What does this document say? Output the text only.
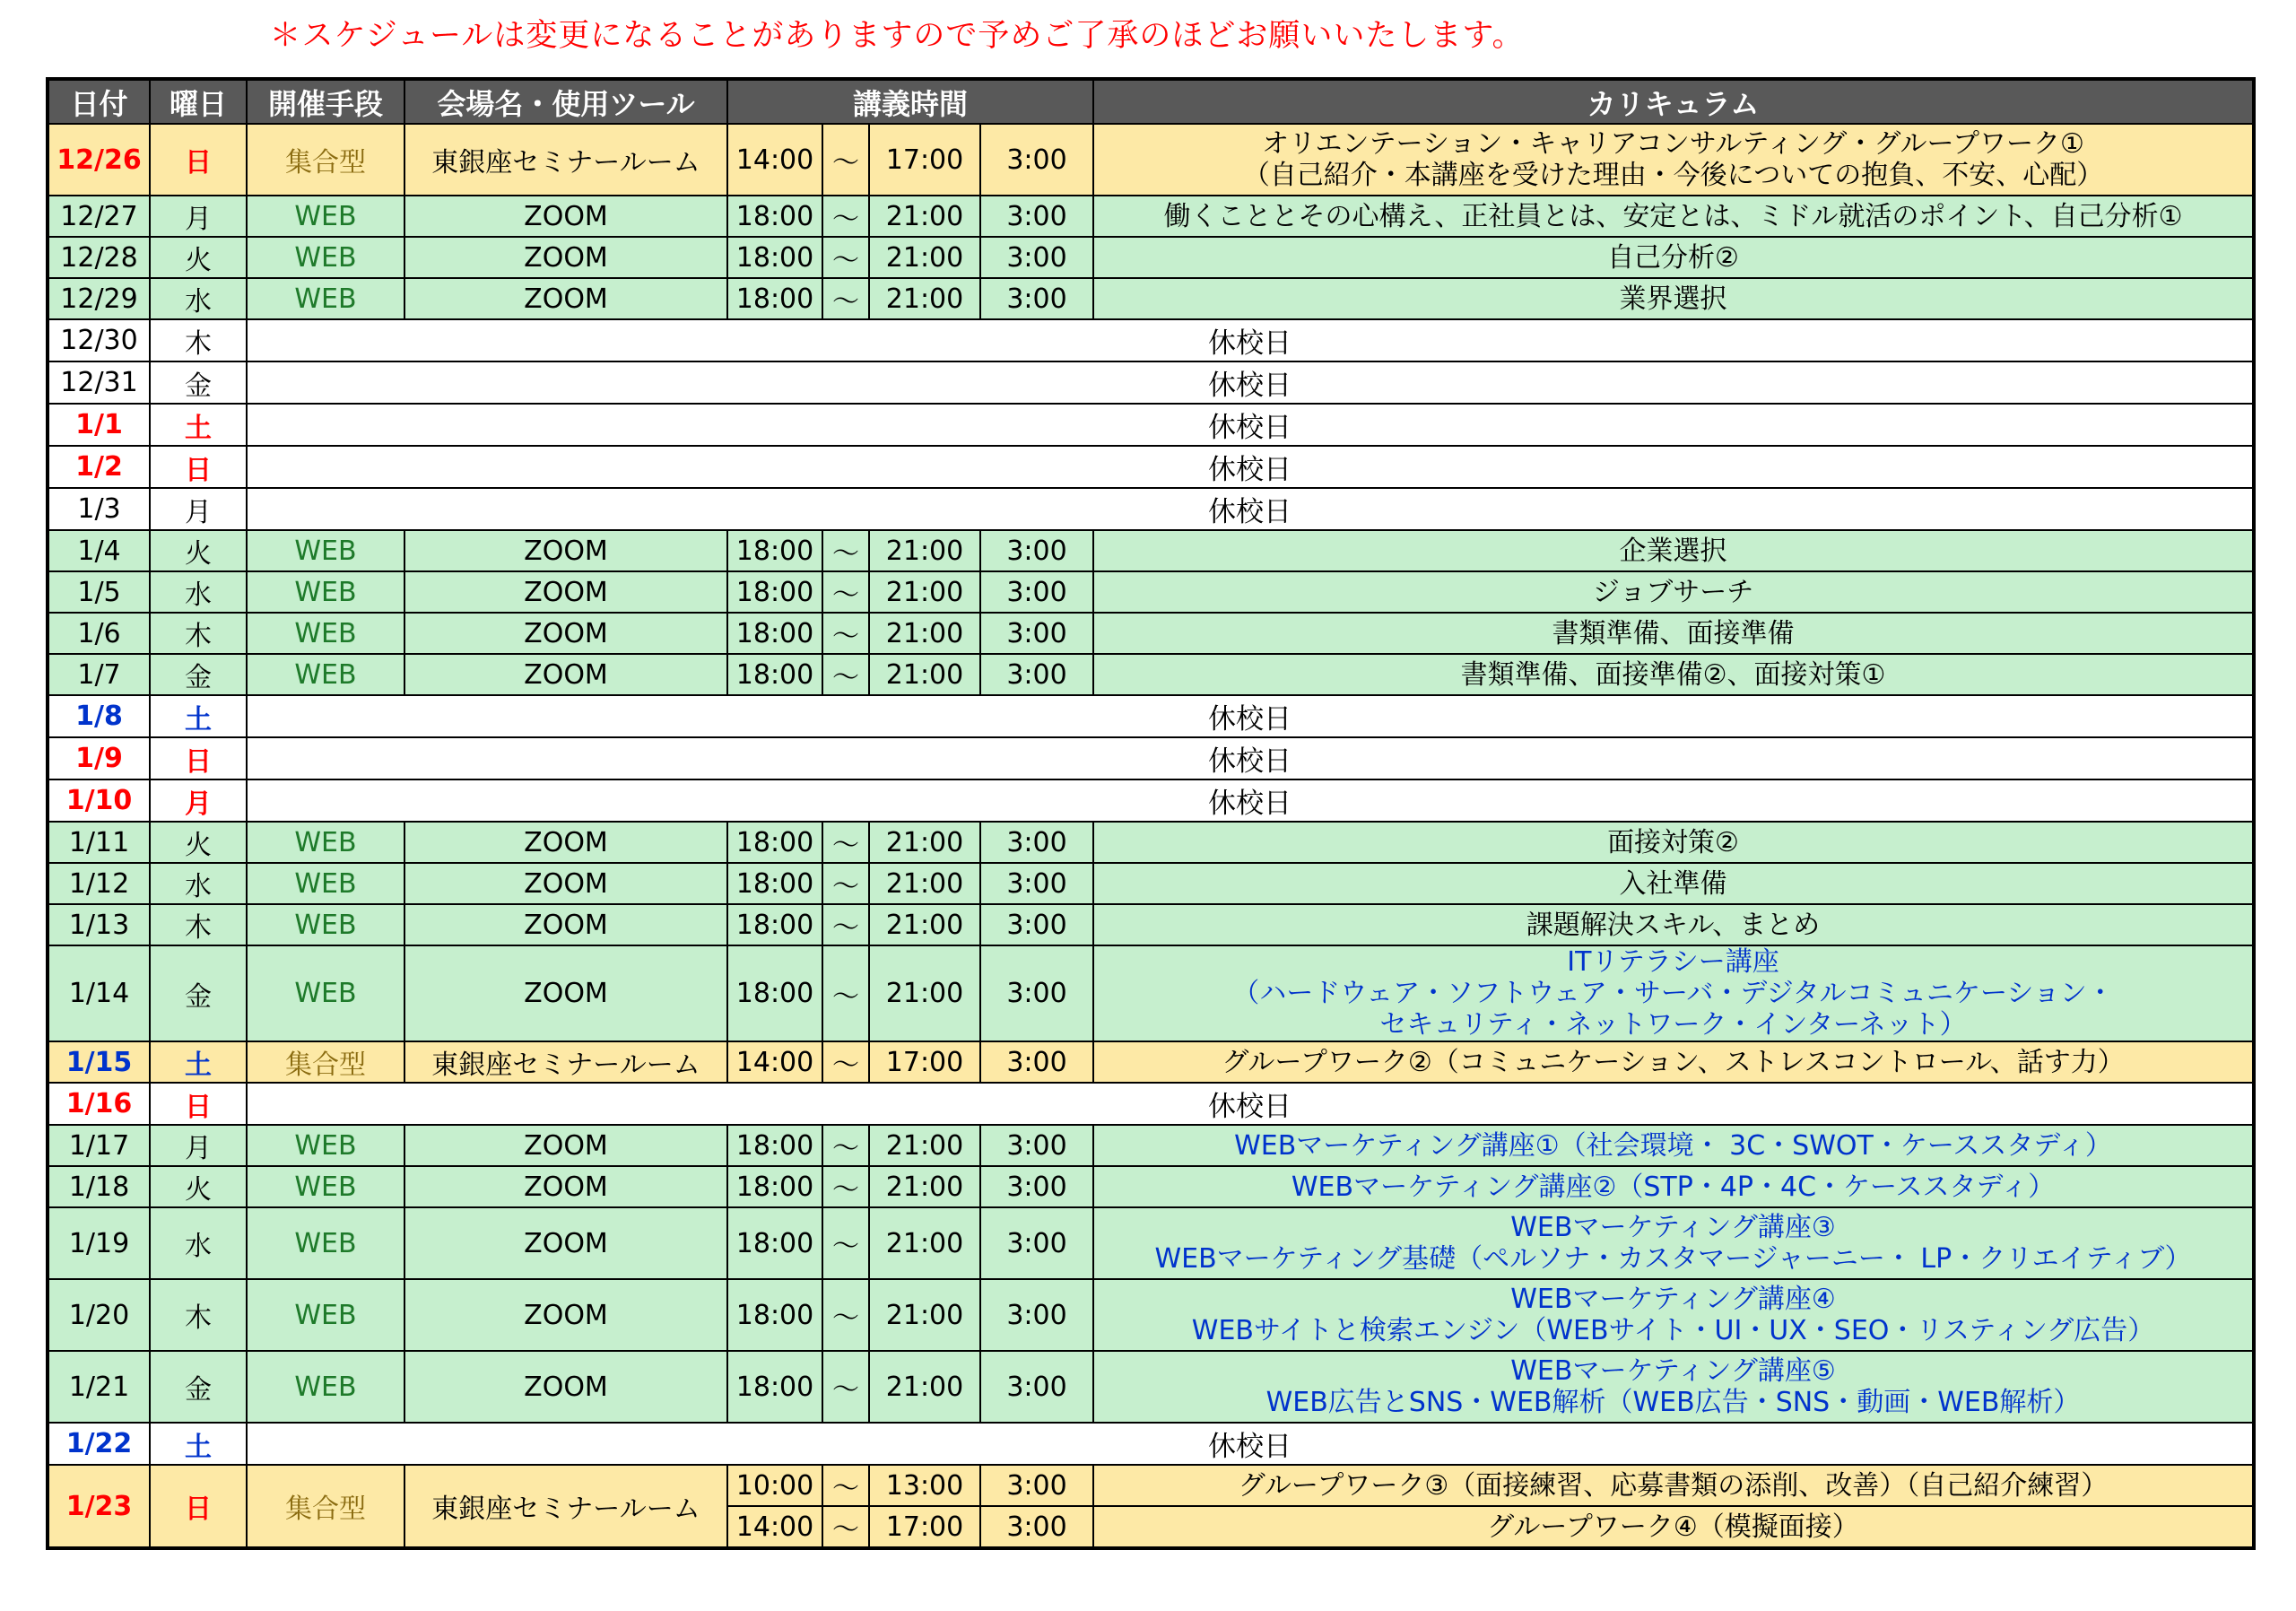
＊スケジュールは変更になることがありますので予めご了承のほどお願いいたします。
日付	曜日	開催手段	会場名・使用ツール	講義時間				カリキュラム
12/26	日	集合型	東銀座セミナールーム	14:00	～	17:00	3:00	オリエンテーション・キャリアコンサルティング・グループワーク①
（自己紹介・本講座を受けた理由・今後についての抱負、不安、心配）

12/27	月	WEB	ZOOM	18:00	～	21:00	3:00	働くこととその心構え、正社員とは、安定とは、ミドル就活のポイント、自己分析①

12/28	火	WEB	ZOOM	18:00	～	21:00	3:00	自己分析②

12/29	水	WEB	ZOOM	18:00	～	21:00	3:00	業界選択

12/30	木	休校日						
12/31	金	休校日						
1/1	土	休校日						
1/2	日	休校日						
1/3	月	休校日						
1/4	火	WEB	ZOOM	18:00	～	21:00	3:00	企業選択

1/5	水	WEB	ZOOM	18:00	～	21:00	3:00	ジョブサーチ

1/6	木	WEB	ZOOM	18:00	～	21:00	3:00	書類準備、面接準備

1/7	金	WEB	ZOOM	18:00	～	21:00	3:00	書類準備、面接準備②、面接対策①

1/8	土	休校日						
1/9	日	休校日						
1/10	月	休校日						
1/11	火	WEB	ZOOM	18:00	～	21:00	3:00	面接対策②

1/12	水	WEB	ZOOM	18:00	～	21:00	3:00	入社準備

1/13	木	WEB	ZOOM	18:00	～	21:00	3:00	課題解決スキル、まとめ

1/14	金	WEB	ZOOM	18:00	～	21:00	3:00	ITリテラシー講座
（ハードウェア・ソフトウェア・サーバ・デジタルコミュニケーション・
セキュリティ・ネットワーク・インターネット）

1/15	土	集合型	東銀座セミナールーム	14:00	～	17:00	3:00	グループワーク②（コミュニケーション、ストレスコントロール、話す力）

1/16	日	休校日						
1/17	月	WEB	ZOOM	18:00	～	21:00	3:00	WEBマーケティング講座①（社会環境・ 3C・SWOT・ケーススタディ）

1/18	火	WEB	ZOOM	18:00	～	21:00	3:00	WEBマーケティング講座②（STP・4P・4C・ケーススタディ）

1/19	水	WEB	ZOOM	18:00	～	21:00	3:00	WEBマーケティング講座③
WEBマーケティング基礎（ペルソナ・カスタマージャーニー・ LP・クリエイティブ）

1/20	木	WEB	ZOOM	18:00	～	21:00	3:00	WEBマーケティング講座④
WEBサイトと検索エンジン（WEBサイト・UI・UX・SEO・リスティング広告）

1/21	金	WEB	ZOOM	18:00	～	21:00	3:00	WEBマーケティング講座⑤
WEB広告とSNS・WEB解析（WEB広告・SNS・動画・WEB解析）

1/22	土	休校日						
1/23	日	集合型	東銀座セミナールーム	10:00	～	13:00	3:00	グループワーク③（面接練習、応募書類の添削、改善）（自己紹介練習）
				14:00	～	17:00	3:00	グループワーク④（模擬面接）
